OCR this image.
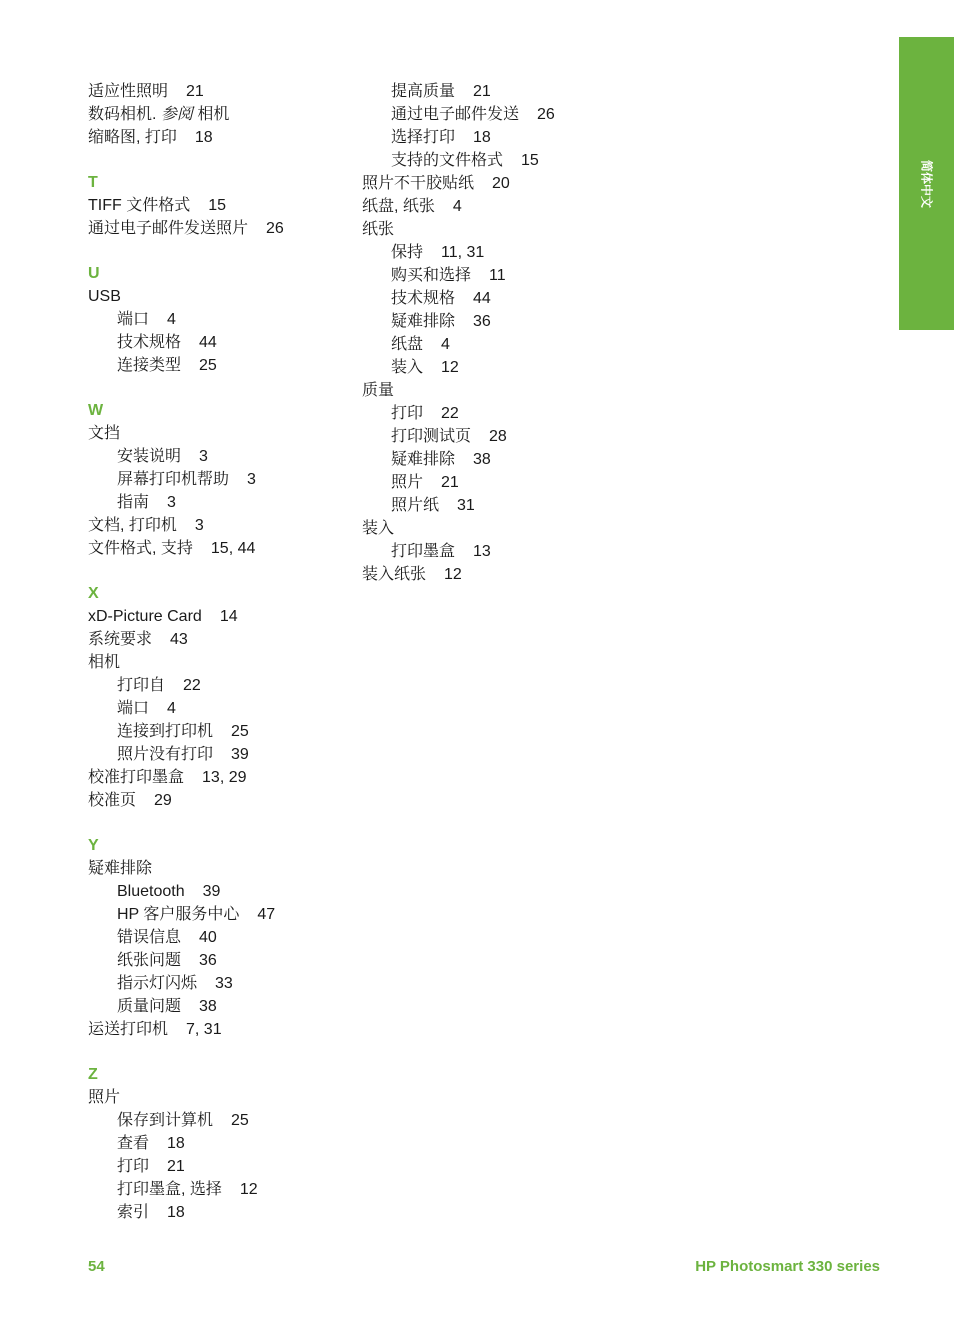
简体中文
适应性照明 21
数码相机. 参阅 相机
缩略图, 打印 18
T
TIFF 文件格式 15
通过电子邮件发送照片 26
U
USB
端口 4
技术规格 44
连接类型 25
W
文挡
安装说明 3
屏幕打印机帮助 3
指南 3
文档, 打印机 3
文件格式, 支持 15, 44
X
xD-Picture Card 14
系统要求 43
相机
打印自 22
端口 4
连接到打印机 25
照片没有打印 39
校准打印墨盒 13, 29
校准页 29
Y
疑难排除
Bluetooth 39
HP 客户服务中心 47
错误信息 40
纸张问题 36
指示灯闪烁 33
质量问题 38
运送打印机 7, 31
Z
照片
保存到计算机 25
查看 18
打印 21
打印墨盒, 选择 12
索引 18
提高质量 21
通过电子邮件发送 26
选择打印 18
支持的文件格式 15
照片不干胶贴纸 20
纸盘, 纸张 4
纸张
保持 11, 31
购买和选择 11
技术规格 44
疑难排除 36
纸盘 4
装入 12
质量
打印 22
打印测试页 28
疑难排除 38
照片 21
照片纸 31
装入
打印墨盒 13
装入纸张 12
54	HP Photosmart 330 series
